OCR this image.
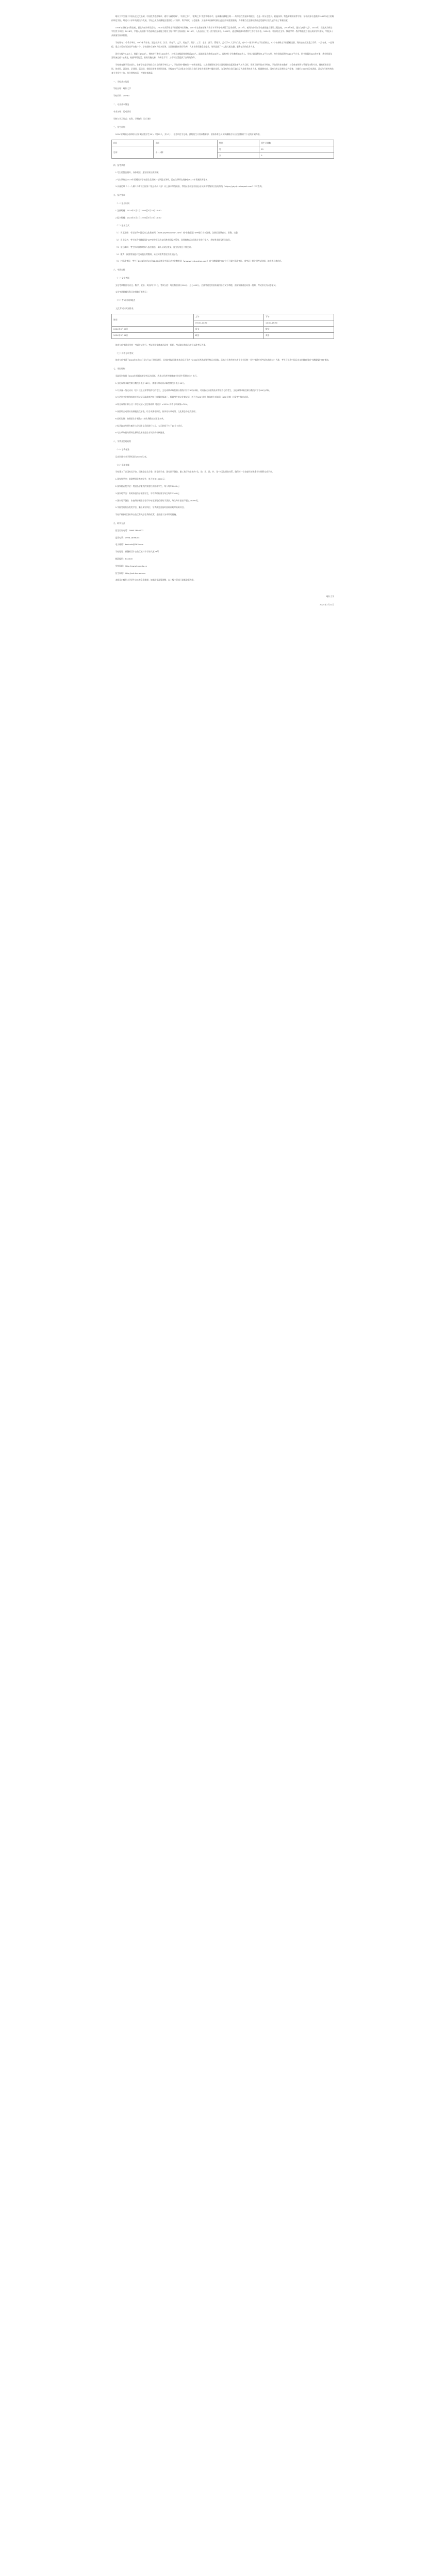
喀什大学坐落于中国历史文化名城、中国优秀旅游城市、素有“丝路明珠”、“瓜果之乡”、“歌舞之乡”美誉的喀什市，是新疆南疆地区唯一一所综合性普通本科院校，也是一所历史悠久、底蕴深厚、特色鲜明的高等学府。学校前身可追溯到1962年成立的喀什师范学院。经过六十余年的建设与发展，学校已成为南疆地区重要的人才培养、科学研究、社会服务、文化传承创新和国际交流合作的重要基地，为南疆乃至全疆经济社会发展和长治久安作出了积极贡献。

1978年升格为本科院校，更名为喀什师范学院。2001年获得硕士学位授权单位资格，2007年在教育部本科教学水平评估中获得了优秀成绩。2012年，被列为中西部高校基础能力建设工程院校。2015年4月，更名为喀什大学。2016年，获批成为硕士学位授予单位；2018年，学校入选国家“中西部高校基础能力建设工程二期”支持高校；2019年，入选自治区“双一流”建设高校。2021年，通过教育部本科教学工作合格评估。2024年，中国语言文学、教育学等一级学科获批自治区高原学科建设，学校步入高质量发展新阶段。

学校现有22个教学单位，86个本科专业，涵盖经济学、法学、教育学、文学、历史学、理学、工学、农学、医学、管理学、艺术学11大学科门类。有5个一级学科硕士学位授权点，12个专业硕士学位授权类别。现有自治区级重点学科、一流专业、一流课程、重点实验室等各类平台数十个。学校坚持立德树人根本任务，全面推进教育教学改革，人才培养质量稳步提升，培养造就了一大批扎根边疆、服务基层的优秀人才。

现有在校生3.2万人，教职工1983人，拥有专任教师1000余人，其中正高级职称教师近200人，副高级职称教师400余人，具有博士学位教师300余人。学校占地面积约3.4平方公里，校舍建筑面积约110万平方米，图书馆藏书220余万册，教学科研仪器设备总值2亿余元。校园环境优美，基础设施完善，为师生学习、工作和生活提供了良好的条件。

学校体育教学历史悠久，体育学院是学校设立较早的教学单位之一。学院坚持“健康第一”的教育理念，以培养德智体美劳全面发展的高素质体育人才为目标，形成了鲜明的办学特色。学院现有体育教育、社会体育指导与管理等本科专业，拥有标准田径场、体育馆、游泳馆、足球场、篮球场、排球场等体育场馆设施。学校高水平运动队在全国及自治区各级各类比赛中屡获佳绩，为国家和自治区输送了大批优秀体育人才。根据教育部、国家体育总局相关文件精神，为做好2024年运动训练、武术与民族传统体育专业招生工作，结合我校实际，特制定本简章。

一、学校基本信息

学校名称：喀什大学

学校代码：10763

二、专业基本情况

专业名称：运动训练

学制与学习形式：本科，学制4年（全日制）

三、招生计划

2024年我校运动训练专业计划招收学生30人（男25人，女5人），招生项目为足球。最终招生计划以教育部、国家体育总局及新疆维吾尔自治区教育厅下达的计划为准。

项目	小项	性别	招生计划数
足球	十一人制	男	25
		女	5

四、报考条件

1.考生思想品德好，身体健康，遵守国家法律法规；

2.考生须符合2024年普通高等学校招生全国统一考试报名条件，已在生源所在地参加2024年普通高考报名；

3.具备足球（十一人制）体育项目国家二级运动员（含）以上技术等级资格，等级证书须在中国运动员技术等级综合查询系统（https://ydydj.univsport.com）中可查询。

五、报名要求

（一）报名时间

1.注册时间：2024年3月1日12:00至3月10日12:00

2.报名时间：2024年3月1日12:00至3月10日12:00

（二）报名方式

（1）网上注册：考生登录中国运动文化教育网（www.ydyeducation.com）或“体教联盟”APP进行实名注册，注册信息须真实、准确、完整。

（2）网上报名：考生登录“体教联盟”APP或中国运动文化教育网报名系统，选择我校运动训练专业进行报名，并按要求填写相关信息。

（3）信息确认：考生须认真核对本人报名信息，确认无误后提交，提交后信息不得更改。

（4）缴费：按照系统提示完成报名费缴纳，未按时缴费者视为放弃报名。

（5）打印准考证：考生于2024年3月23日12:00起登录中国运动文化教育网（www.ydyeducation.com）或“体教联盟”APP自行下载打印准考证，准考证上将注明考试时间、地点等具体信息。

六、考试安排

（一）文化考试

文化考试科目为语文、数学、政治、英语四门科目，考试分值：每门科目满分100分，总分400分。全部考试使用国家通用语言文字命题，由国家体育总局统一组织，考试形式为闭卷笔试。

文化考试时间及科目安排如下表所示：

（二）考试时间和地点

文化考试时间安排表

时间	上午	下午
	09:00-10:30	14:00-15:30
2024年3月30日	语文	数学
2024年3月31日	政治	英语

体育专项考试采用统一考试方式进行。考试由国家体育总局统一组织，考试地点和具体时间以准考证为准。

（三）体育专项考试

体育专项考试于2024年3月30日至5月11日期间进行，具体安排以国家体育总局下发的《2024年普通高等学校运动训练、武术与民族传统体育专业全国统一招生考试专项考试实施办法》为准，考生可登录中国运动文化教育网或“体教联盟”APP查询。

七、录取规则

录取原则依据《2024年普通高等学校运动训练、武术与民族传统体育专业招生管理办法》执行。

1.文化成绩录取控制分数线不低于180分，体育专项成绩录取控制线不低于40分。

2.对具备一级运动员（含）以上技术等级称号的考生，文化成绩录取控制分数线可下浮30分录取，对具备运动健将技术等级称号的考生，文化成绩录取控制分数线可下浮60分录取。

3.在达到文化课和体育专项成绩录取最低控制分数线的基础上，根据考生的文化课成绩（折合为100分制）和体育专项成绩（100分制）计算考生综合成绩。

4.综合成绩计算公式：综合成绩=文化课成绩（折合）×30%+体育专项成绩×70%。

5.按照综合成绩从高到低依次录取。综合成绩相同的，按体育专项成绩、文化课总分依次排序。

6.投档比例：按照招生计划数1:1的比例确定拟录取名单。

7.拟录取名单将在喀什大学招生信息网进行公示，公示时间不少于10个工作日。

8.考生录取最终须经生源所在省级招生考试机构审核批准。

八、学费及奖助政策

（一）学费标准

运动训练专业学费标准为3300元/年。

（二）资助措施

学校建立了以国家奖学金、国家励志奖学金、国家助学金、国家助学贷款、勤工助学为主体的“奖、助、贷、勤、补、免”多元化资助体系，确保每一位家庭经济困难学生顺利完成学业。

1.国家奖学金：奖励特别优秀的学生，每人每年10000元；

2.国家励志奖学金：奖励品学兼优的家庭经济困难学生，每人每年6000元；

3.国家助学金：资助家庭经济困难学生，平均资助标准为每生每年3300元；

4.国家助学贷款：家庭经济困难学生可申请生源地信用助学贷款，每生每年最高不超过16000元；

5.学校另设有各类奖学金、勤工助学岗位、学费减免及临时困难补助等资助项目。

学校严格执行国家和自治区有关学生资助政策，全面落实各项资助措施。

九、联系方式

招生咨询电话：0998-2890007

监督电话：0998-2899055

电子邮箱：ksdxzsb@163.com

学校地址：新疆维吾尔自治区喀什市学府大道29号

邮政编码：844000

学校网址：http://www.ksu.edu.cn

招生网址：http://zsb.ksu.edu.cn

本简章由喀什大学招生办公室负责解释。如遇国家政策调整，以上级主管部门最新政策为准。

喀什大学

2024年2月22日
